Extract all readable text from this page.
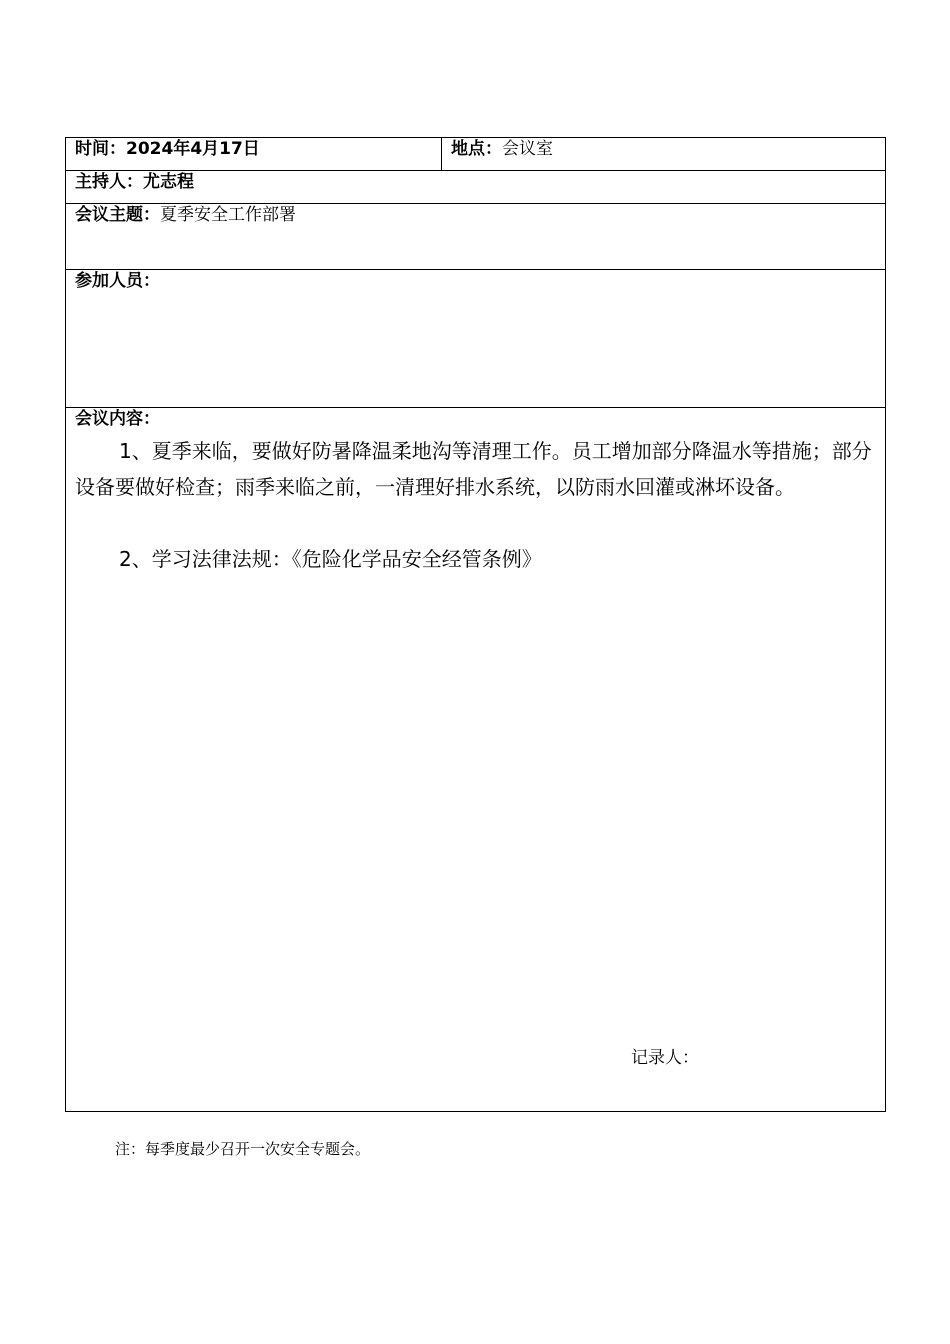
时间：2024年4月17日	地点：会议室
主持人：尤志程
会议主题：夏季安全工作部署
参加人员：
会议内容：
1、夏季来临，要做好防暑降温柔地沟等清理工作。员工增加部分降温水等措施；部分设备要做好检查；雨季来临之前，一清理好排水系统，以防雨水回灌或淋坏设备。
2、学习法律法规：《危险化学品安全经管条例》
记录人：
注：每季度最少召开一次安全专题会。
